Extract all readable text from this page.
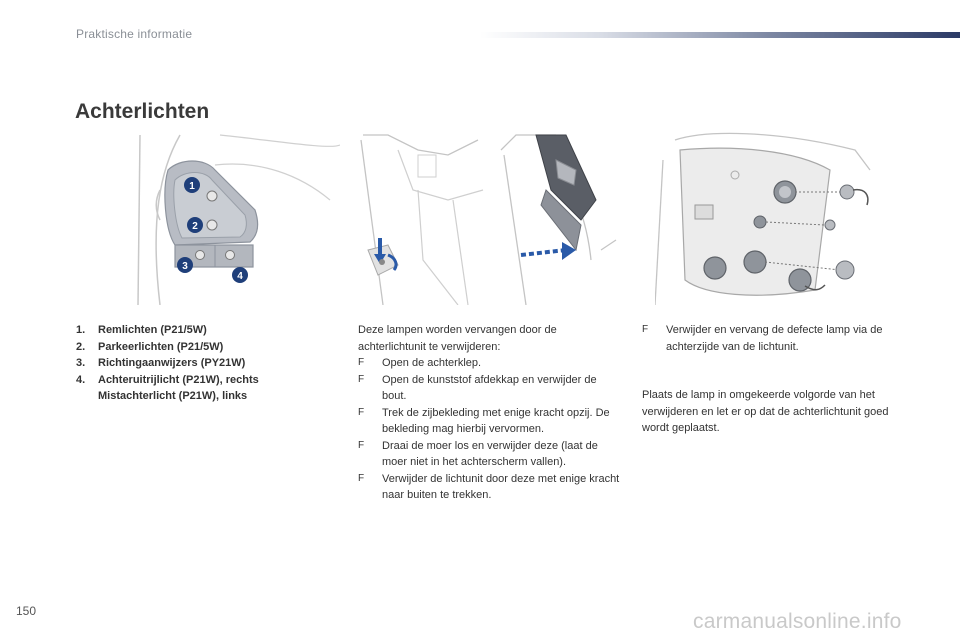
Praktische informatie
Achterlichten
1
2
3
4
1.	Remlichten (P21/5W)
2.	Parkeerlichten (P21/5W)
3.	Richtingaanwijzers (PY21W)
4.	Achteruitrijlicht (P21W), rechts Mistachterlicht (P21W), links
Deze lampen worden vervangen door de achterlichtunit te verwijderen:
F	Open de achterklep.
F	Open de kunststof afdekkap en verwijder de bout.
F	Trek de zijbekleding met enige kracht opzij. De bekleding mag hierbij vervormen.
F	Draai de moer los en verwijder deze (laat de moer niet in het achterscherm vallen).
F	Verwijder de lichtunit door deze met enige kracht naar buiten te trekken.
F	Verwijder en vervang de defecte lamp via de achterzijde van de lichtunit.
Plaats de lamp in omgekeerde volgorde van het verwijderen en let er op dat de achterlichtunit goed wordt geplaatst.
150	carmanualsonline.info
